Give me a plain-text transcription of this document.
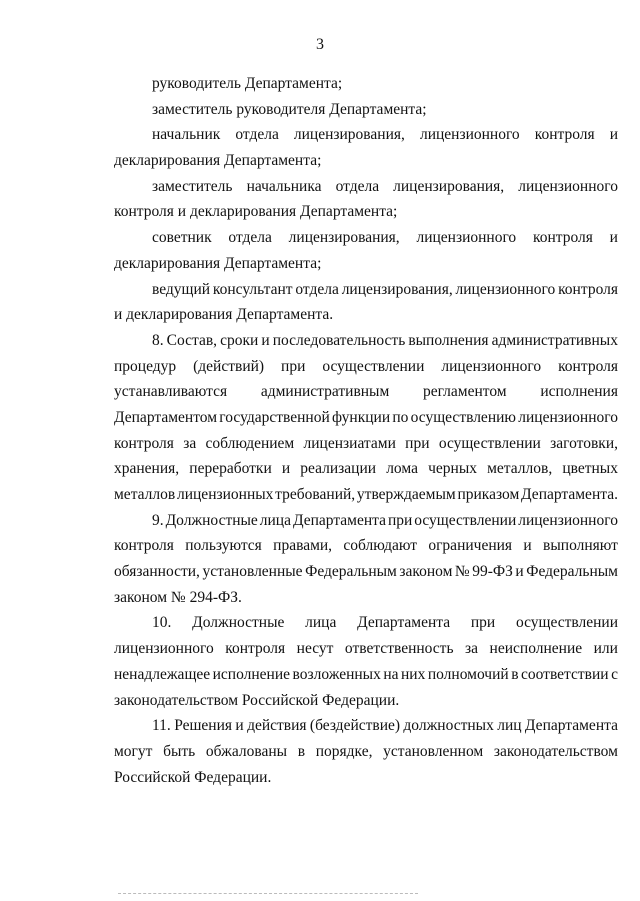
3
руководитель Департамента;
заместитель руководителя Департамента;
начальник отдела лицензирования, лицензионного контроля и
декларирования Департамента;
заместитель начальника отдела лицензирования, лицензионного
контроля и декларирования Департамента;
советник отдела лицензирования, лицензионного контроля и
декларирования Департамента;
ведущий консультант отдела лицензирования, лицензионного контроля
и декларирования Департамента.
8. Состав, сроки и последовательность выполнения административных
процедур (действий) при осуществлении лицензионного контроля
устанавливаются административным регламентом исполнения
Департаментом государственной функции по осуществлению лицензионного
контроля за соблюдением лицензиатами при осуществлении заготовки,
хранения, переработки и реализации лома черных металлов, цветных
металлов лицензионных требований, утверждаемым приказом Департамента.
9. Должностные лица Департамента при осуществлении лицензионного
контроля пользуются правами, соблюдают ограничения и выполняют
обязанности, установленные Федеральным законом № 99-ФЗ и Федеральным
законом № 294-ФЗ.
10. Должностные лица Департамента при осуществлении
лицензионного контроля несут ответственность за неисполнение или
ненадлежащее исполнение возложенных на них полномочий в соответствии с
законодательством Российской Федерации.
11. Решения и действия (бездействие) должностных лиц Департамента
могут быть обжалованы в порядке, установленном законодательством
Российской Федерации.
